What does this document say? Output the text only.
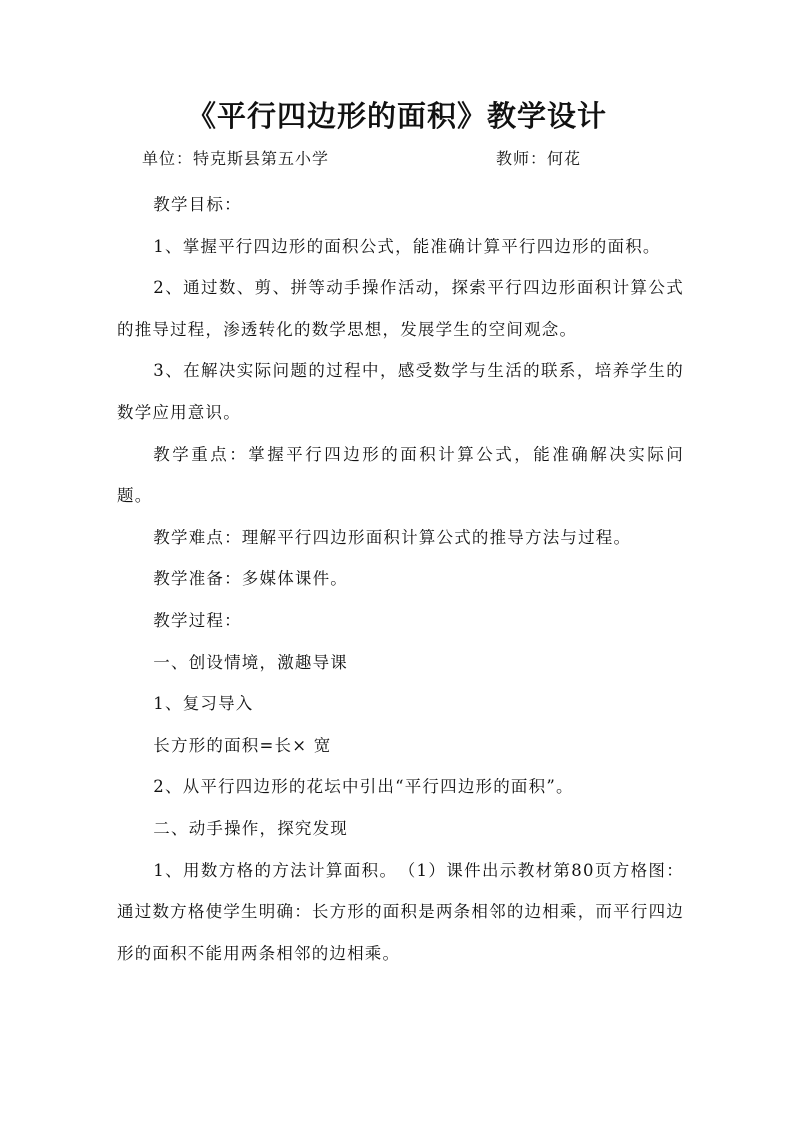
《平行四边形的面积》教学设计
单位：特克斯县第五小学	教师：何花

教学目标：

1、掌握平行四边形的面积公式，能准确计算平行四边形的面积。

2、通过数、剪、拼等动手操作活动，探索平行四边形面积计算公式的推导过程，渗透转化的数学思想，发展学生的空间观念。

3、在解决实际问题的过程中，感受数学与生活的联系，培养学生的数学应用意识。

教学重点：掌握平行四边形的面积计算公式，能准确解决实际问题。

教学难点：理解平行四边形面积计算公式的推导方法与过程。

教学准备：多媒体课件。

教学过程：

一、创设情境，激趣导课

1、复习导入

长方形的面积=长× 宽

2、从平行四边形的花坛中引出“平行四边形的面积”。

二、动手操作，探究发现

1、用数方格的方法计算面积。　（1）课件出示教材第80页方格图：通过数方格使学生明确：长方形的面积是两条相邻的边相乘，而平行四边形的面积不能用两条相邻的边相乘。
